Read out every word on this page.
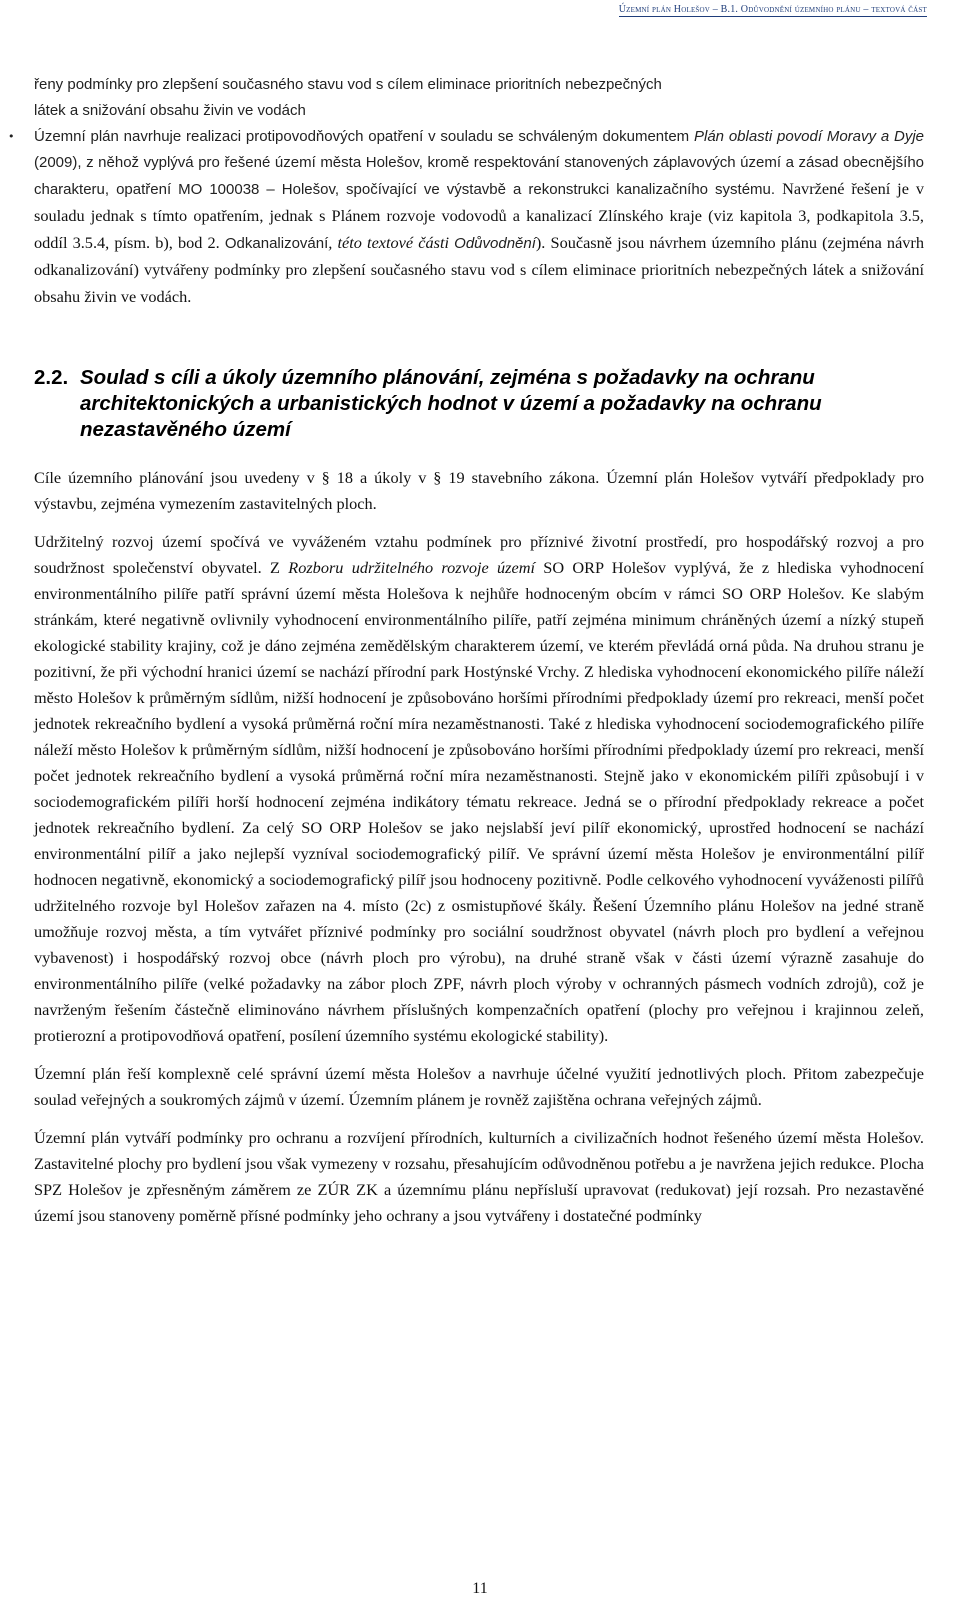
Územní plán Holešov – B.1. Odůvodnění územního plánu – textová část

řeny podmínky pro zlepšení současného stavu vod s cílem eliminace prioritních nebezpečných
látek a snižování obsahu živin ve vodách

• Územní plán navrhuje realizaci protipovodňových opatření v souladu se schváleným dokumentem Plán oblasti povodí Moravy a Dyje (2009), z něhož vyplývá pro řešené území města Holešov, kromě respektování stanovených záplavových území a zásad obecnějšího charakteru, opatření MO 100038 – Holešov, spočívající ve výstavbě a rekonstrukci kanalizačního systému. Navržené řešení je v souladu jednak s tímto opatřením, jednak s Plánem rozvoje vodovodů a kanalizací Zlínského kraje (viz kapitola 3, podkapitola 3.5, oddíl 3.5.4, písm. b), bod 2. Odkanalizování, této textové části Odůvodnění). Současně jsou návrhem územního plánu (zejména návrh odkanalizování) vytvářeny podmínky pro zlepšení současného stavu vod s cílem eliminace prioritních nebezpečných látek a snižování obsahu živin ve vodách.

2.2. Soulad s cíli a úkoly územního plánování, zejména s požadavky na ochranu architektonických a urbanistických hodnot v území a požadavky na ochranu nezastavěného území

Cíle územního plánování jsou uvedeny v § 18 a úkoly v § 19 stavebního zákona. Územní plán Holešov vytváří předpoklady pro výstavbu, zejména vymezením zastavitelných ploch.

Udržitelný rozvoj území spočívá ve vyváženém vztahu podmínek pro příznivé životní prostředí, pro hospodářský rozvoj a pro soudržnost společenství obyvatel. Z Rozboru udržitelného rozvoje území SO ORP Holešov vyplývá, že z hlediska vyhodnocení environmentálního pilíře patří správní území města Holešova k nejhůře hodnoceným obcím v rámci SO ORP Holešov. Ke slabým stránkám, které negativně ovlivnily vyhodnocení environmentálního pilíře, patří zejména minimum chráněných území a nízký stupeň ekologické stability krajiny, což je dáno zejména zemědělským charakterem území, ve kterém převládá orná půda. Na druhou stranu je pozitivní, že při východní hranici území se nachází přírodní park Hostýnské Vrchy. Z hlediska vyhodnocení ekonomického pilíře náleží město Holešov k průměrným sídlům, nižší hodnocení je způsobováno horšími přírodními předpoklady území pro rekreaci, menší počet jednotek rekreačního bydlení a vysoká průměrná roční míra nezaměstnanosti. Také z hlediska vyhodnocení sociodemografického pilíře náleží město Holešov k průměrným sídlům, nižší hodnocení je způsobováno horšími přírodními předpoklady území pro rekreaci, menší počet jednotek rekreačního bydlení a vysoká průměrná roční míra nezaměstnanosti. Stejně jako v ekonomickém pilíři způsobují i v sociodemografickém pilíři horší hodnocení zejména indikátory tématu rekreace. Jedná se o přírodní předpoklady rekreace a počet jednotek rekreačního bydlení. Za celý SO ORP Holešov se jako nejslabší jeví pilíř ekonomický, uprostřed hodnocení se nachází environmentální pilíř a jako nejlepší vyzníval sociodemografický pilíř. Ve správní území města Holešov je environmentální pilíř hodnocen negativně, ekonomický a sociodemografický pilíř jsou hodnoceny pozitivně. Podle celkového vyhodnocení vyváženosti pilířů udržitelného rozvoje byl Holešov zařazen na 4. místo (2c) z osmistupňové škály. Řešení Územního plánu Holešov na jedné straně umožňuje rozvoj města, a tím vytvářet příznivé podmínky pro sociální soudržnost obyvatel (návrh ploch pro bydlení a veřejnou vybavenost) i hospodářský rozvoj obce (návrh ploch pro výrobu), na druhé straně však v části území výrazně zasahuje do environmentálního pilíře (velké požadavky na zábor ploch ZPF, návrh ploch výroby v ochranných pásmech vodních zdrojů), což je navrženým řešením částečně eliminováno návrhem příslušných kompenzačních opatření (plochy pro veřejnou i krajinnou zeleň, protierozní a protipovodňová opatření, posílení územního systému ekologické stability).

Územní plán řeší komplexně celé správní území města Holešov a navrhuje účelné využití jednotlivých ploch. Přitom zabezpečuje soulad veřejných a soukromých zájmů v území. Územním plánem je rovněž zajištěna ochrana veřejných zájmů.

Územní plán vytváří podmínky pro ochranu a rozvíjení přírodních, kulturních a civilizačních hodnot řešeného území města Holešov. Zastavitelné plochy pro bydlení jsou však vymezeny v rozsahu, přesahujícím odůvodněnou potřebu a je navržena jejich redukce. Plocha SPZ Holešov je zpřesněným záměrem ze ZÚR ZK a územnímu plánu nepřísluší upravovat (redukovat) její rozsah. Pro nezastavěné území jsou stanoveny poměrně přísné podmínky jeho ochrany a jsou vytvářeny i dostatečné podmínky

11
